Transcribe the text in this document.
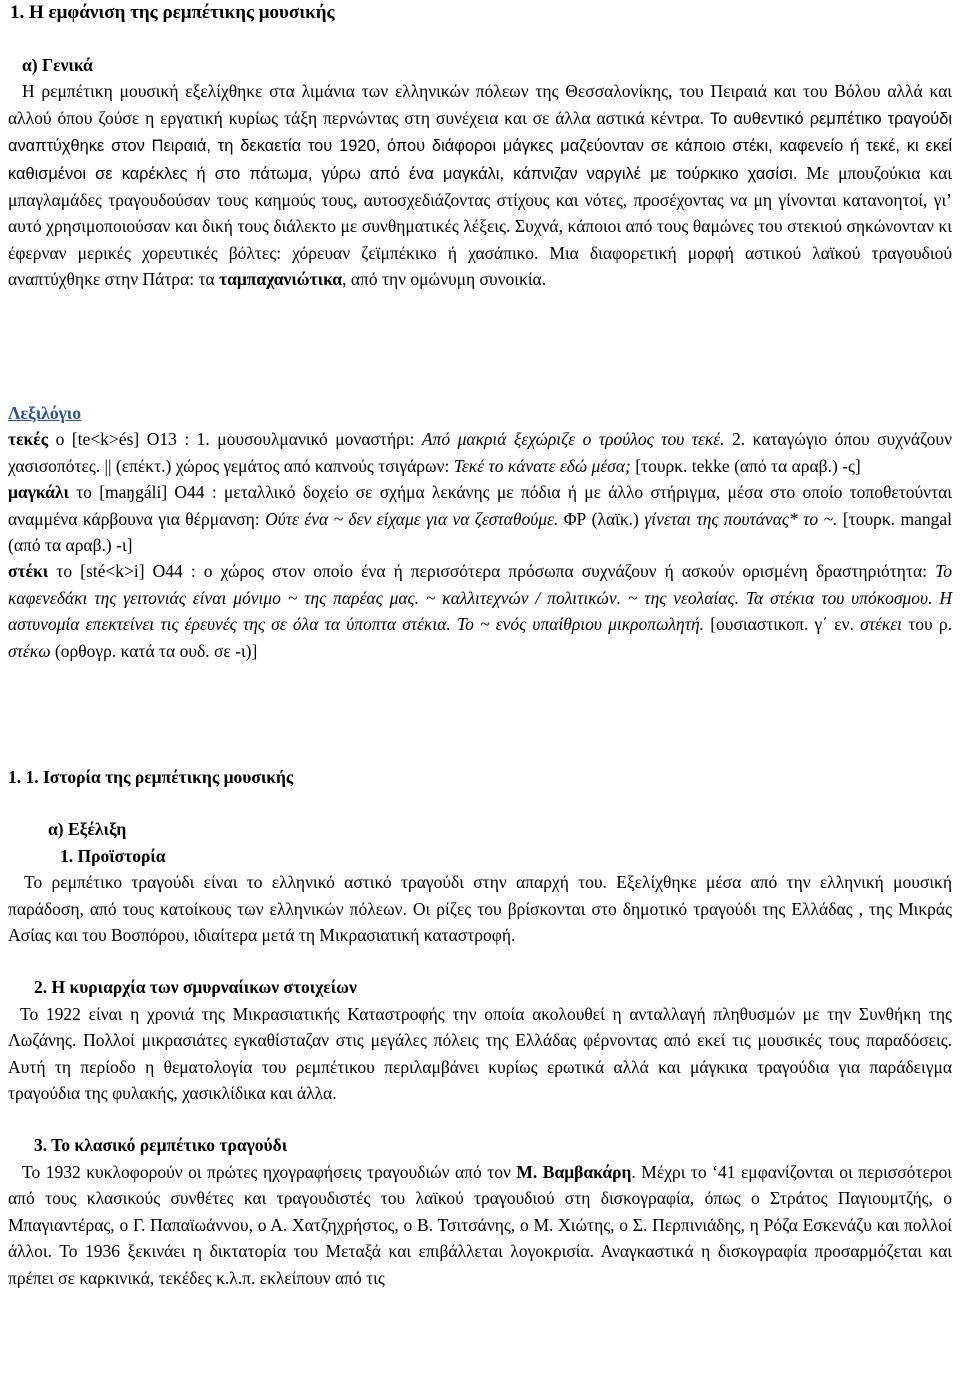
1. Η εμφάνιση της ρεμπέτικης μουσικής

α) Γενικά

Η ρεμπέτικη μουσική εξελίχθηκε στα λιμάνια των ελληνικών πόλεων της Θεσσαλονίκης, του Πειραιά και του Βόλου αλλά και αλλού όπου ζούσε η εργατική κυρίως τάξη περνώντας στη συνέχεια και σε άλλα αστικά κέντρα. Το αυθεντικό ρεμπέτικο τραγούδι αναπτύχθηκε στον Πειραιά, τη δεκαετία του 1920, όπου διάφοροι μάγκες μαζεύονταν σε κάποιο στέκι, καφενείο ή τεκέ, κι εκεί καθισμένοι σε καρέκλες ή στο πάτωμα, γύρω από ένα μαγκάλι, κάπνιζαν ναργιλέ με τούρκικο χασίσι. Με μπουζούκια και μπαγλαμάδες τραγουδούσαν τους καημούς τους, αυτοσχεδιάζοντας στίχους και νότες, προσέχοντας να μη γίνονται κατανοητοί, γι’ αυτό χρησιμοποιούσαν και δική τους διάλεκτο με συνθηματικές λέξεις. Συχνά, κάποιοι από τους θαμώνες του στεκιού σηκώνονταν κι έφερναν μερικές χορευτικές βόλτες: χόρευαν ζεϊμπέκικο ή χασάπικο. Μια διαφορετική μορφή αστικού λαϊκού τραγουδιού αναπτύχθηκε στην Πάτρα: τα ταμπαχανιώτικα, από την ομώνυμη συνοικία.

Λεξιλόγιο

τεκές ο [te<k>és] O13 : 1. μουσουλμανικό μοναστήρι: Από μακριά ξεχώριζε ο τρούλος του τεκέ. 2. καταγώγιο όπου συχνάζουν χασισοπότες. || (επέκτ.) χώρος γεμάτος από καπνούς τσιγάρων: Τεκέ το κάνατε εδώ μέσα; [τουρκ. tekke (από τα αραβ.) -ς]

μαγκάλι το [maŋgáli] O44 : μεταλλικό δοχείο σε σχήμα λεκάνης με πόδια ή με άλλο στήριγμα, μέσα στο οποίο τοποθετούνται αναμμένα κάρβουνα για θέρμανση: Ούτε ένα ~ δεν είχαμε για να ζεσταθούμε. ΦΡ (λαϊκ.) γίνεται της πουτάνας* το ~. [τουρκ. mangal (από τα αραβ.) -ι]

στέκι το [sté<k>i] O44 : ο χώρος στον οποίο ένα ή περισσότερα πρόσωπα συχνάζουν ή ασκούν ορισμένη δραστηριότητα: Το καφενεδάκι της γειτονιάς είναι μόνιμο ~ της παρέας μας. ~ καλλιτεχνών / πολιτικών. ~ της νεολαίας. Τα στέκια του υπόκοσμου. Η αστυνομία επεκτείνει τις έρευνές της σε όλα τα ύποπτα στέκια. Το ~ ενός υπαίθριου μικροπωλητή. [ουσιαστικοπ. γ΄ εν. στέκει του ρ. στέκω (ορθογρ. κατά τα ουδ. σε -ι)]

1. 1. Ιστορία της ρεμπέτικης μουσικής

α) Εξέλιξη

1. Προϊστορία

Το ρεμπέτικο τραγούδι είναι το ελληνικό αστικό τραγούδι στην απαρχή του. Εξελίχθηκε μέσα από την ελληνική μουσική παράδοση, από τους κατοίκους των ελληνικών πόλεων. Οι ρίζες του βρίσκονται στο δημοτικό τραγούδι της Ελλάδας , της Μικράς Ασίας και του Βοσπόρου, ιδιαίτερα μετά τη Μικρασιατική καταστροφή.

2. Η κυριαρχία των σμυρναίικων στοιχείων

Το 1922 είναι η χρονιά της Μικρασιατικής Καταστροφής την οποία ακολουθεί η ανταλλαγή πληθυσμών με την Συνθήκη της Λωζάνης. Πολλοί μικρασιάτες εγκαθίσταζαν στις μεγάλες πόλεις της Ελλάδας φέρνοντας από εκεί τις μουσικές τους παραδόσεις. Αυτή τη περίοδο η θεματολογία του ρεμπέτικου περιλαμβάνει κυρίως ερωτικά αλλά και μάγκικα τραγούδια για παράδειγμα τραγούδια της φυλακής, χασικλίδικα και άλλα.

3. Το κλασικό ρεμπέτικο τραγούδι

Το 1932 κυκλοφορούν οι πρώτες ηχογραφήσεις τραγουδιών από τον Μ. Βαμβακάρη. Μέχρι το ‘41 εμφανίζονται οι περισσότεροι από τους κλασικούς συνθέτες και τραγουδιστές του λαϊκού τραγουδιού στη δισκογραφία, όπως ο Στράτος Παγιουμτζής, ο Μπαγιαντέρας, ο Γ. Παπαϊωάννου, ο Α. Χατζηχρήστος, ο Β. Τσιτσάνης, ο Μ. Χιώτης, ο Σ. Περπινιάδης, η Ρόζα Εσκενάζυ και πολλοί άλλοι. Το 1936 ξεκινάει η δικτατορία του Μεταξά και επιβάλλεται λογοκρισία. Αναγκαστικά η δισκογραφία προσαρμόζεται και πρέπει σε καρκινικά, τεκέδες κ.λ.π. εκλείπουν από τις
